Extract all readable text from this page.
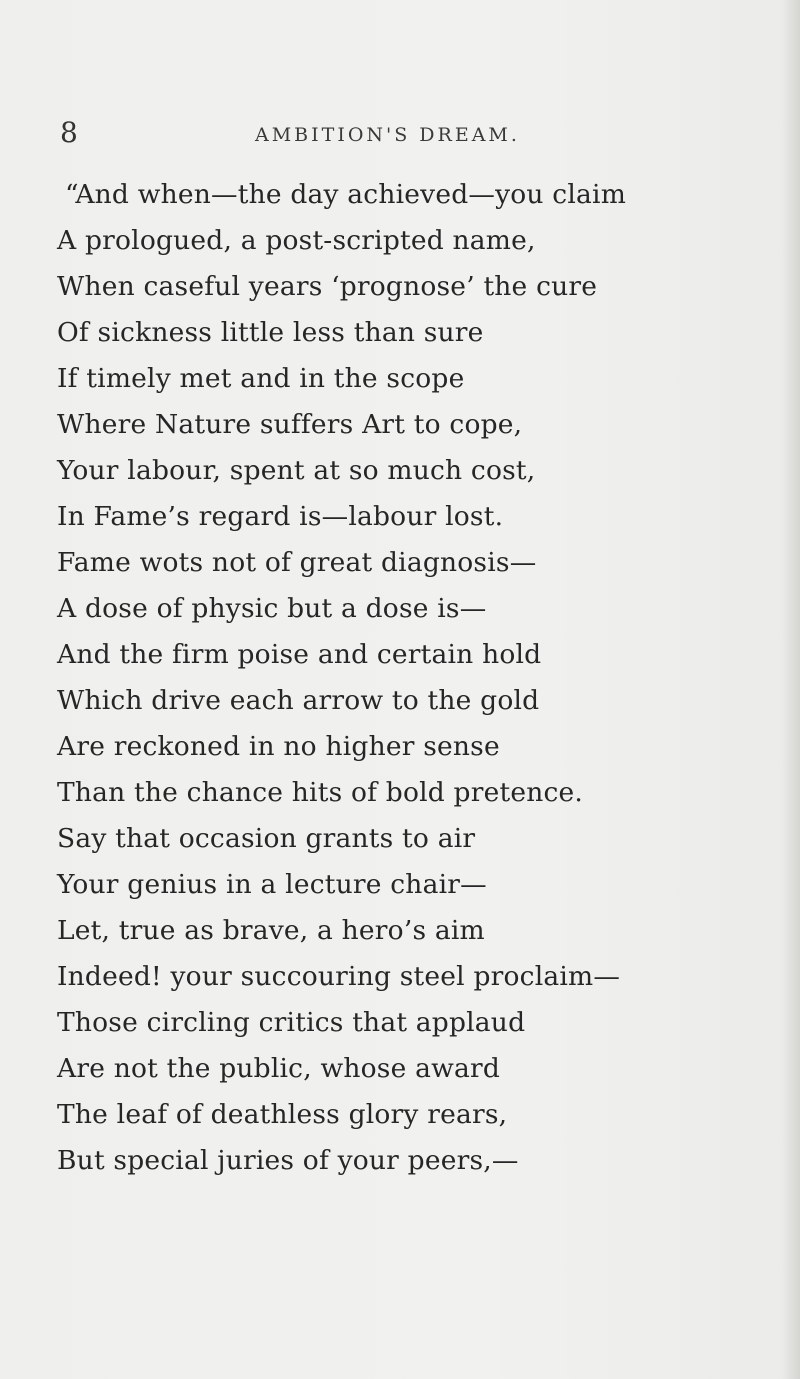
8	AMBITION'S DREAM.
“And when—the day achieved—you claim
A prologued, a post-scripted name,
When caseful years ‘prognose’ the cure
Of sickness little less than sure
If timely met and in the scope
Where Nature suffers Art to cope,
Your labour, spent at so much cost,
In Fame’s regard is—labour lost.
Fame wots not of great diagnosis—
A dose of physic but a dose is—
And the firm poise and certain hold
Which drive each arrow to the gold
Are reckoned in no higher sense
Than the chance hits of bold pretence.
Say that occasion grants to air
Your genius in a lecture chair—
Let, true as brave, a hero’s aim
Indeed! your succouring steel proclaim—
Those circling critics that applaud
Are not the public, whose award
The leaf of deathless glory rears,
But special juries of your peers,—
